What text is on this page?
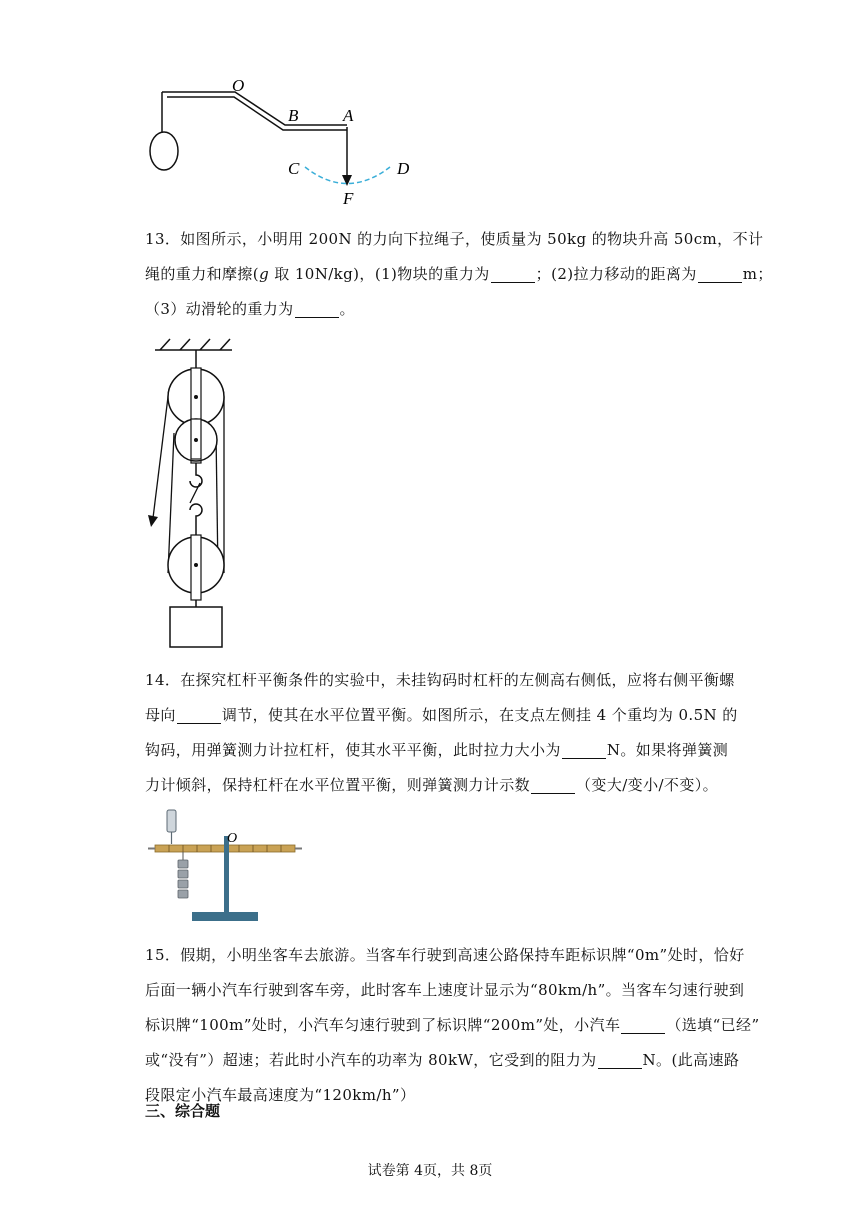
O
B	A
C	D
F

13．如图所示，小明用 200N 的力向下拉绳子，使质量为 50kg 的物块升高 50cm，不计

绳的重力和摩擦(g 取 10N/kg)，(1)物块的重力为	；(2)拉力移动的距离为	m；

（3）动滑轮的重力为	。

14．在探究杠杆平衡条件的实验中，未挂钩码时杠杆的左侧高右侧低，应将右侧平衡螺

母向	调节，使其在水平位置平衡。如图所示，在支点左侧挂 4 个重均为 0.5N 的

钩码，用弹簧测力计拉杠杆，使其水平平衡，此时拉力大小为	N。如果将弹簧测

力计倾斜，保持杠杆在水平位置平衡，则弹簧测力计示数	（变大/变小/不变）。

O

15．假期，小明坐客车去旅游。当客车行驶到高速公路保持车距标识牌“0m”处时，恰好

后面一辆小汽车行驶到客车旁，此时客车上速度计显示为“80km/h”。当客车匀速行驶到

标识牌“100m”处时，小汽车匀速行驶到了标识牌“200m”处，小汽车	（选填“已经”

或“没有”）超速；若此时小汽车的功率为 80kW，它受到的阻力为	N。(此高速路

段限定小汽车最高速度为“120km/h”）

三、综合题
试卷第 4页，共 8页
